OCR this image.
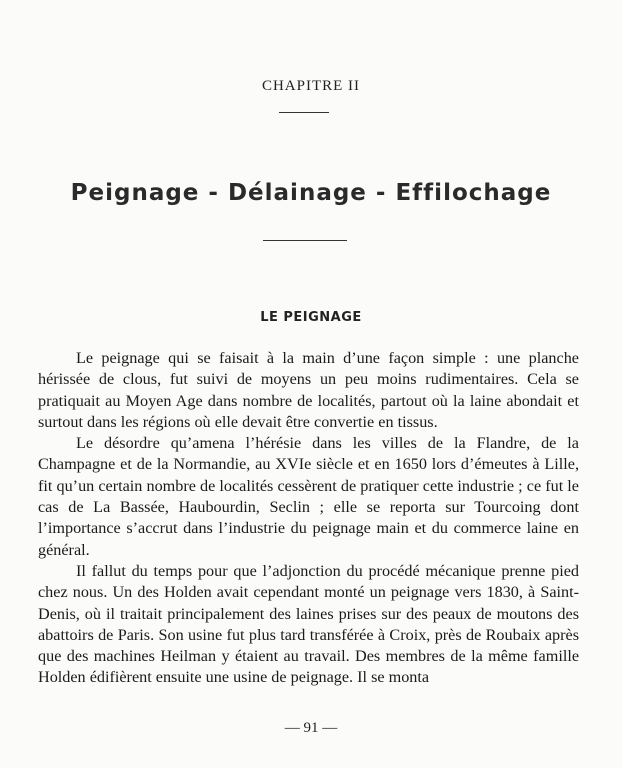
CHAPITRE II
Peignage - Délainage - Effilochage
LE PEIGNAGE

Le peignage qui se faisait à la main d’une façon simple : une planche hérissée de clous, fut suivi de moyens un peu moins rudimentaires. Cela se pratiquait au Moyen Age dans nombre de localités, partout où la laine abondait et surtout dans les régions où elle devait être convertie en tissus.

Le désordre qu’amena l’hérésie dans les villes de la Flandre, de la Champagne et de la Normandie, au XVIe siècle et en 1650 lors d’émeutes à Lille, fit qu’un certain nombre de localités cessèrent de pratiquer cette industrie ; ce fut le cas de La Bassée, Haubourdin, Seclin ; elle se reporta sur Tourcoing dont l’importance s’accrut dans l’industrie du peignage main et du commerce laine en général.

Il fallut du temps pour que l’adjonction du procédé mécanique prenne pied chez nous. Un des Holden avait cependant monté un peignage vers 1830, à Saint-Denis, où il traitait principalement des laines prises sur des peaux de moutons des abattoirs de Paris. Son usine fut plus tard transférée à Croix, près de Roubaix après que des machines Heilman y étaient au travail. Des membres de la même famille Holden édifièrent ensuite une usine de peignage. Il se monta

— 91 —
